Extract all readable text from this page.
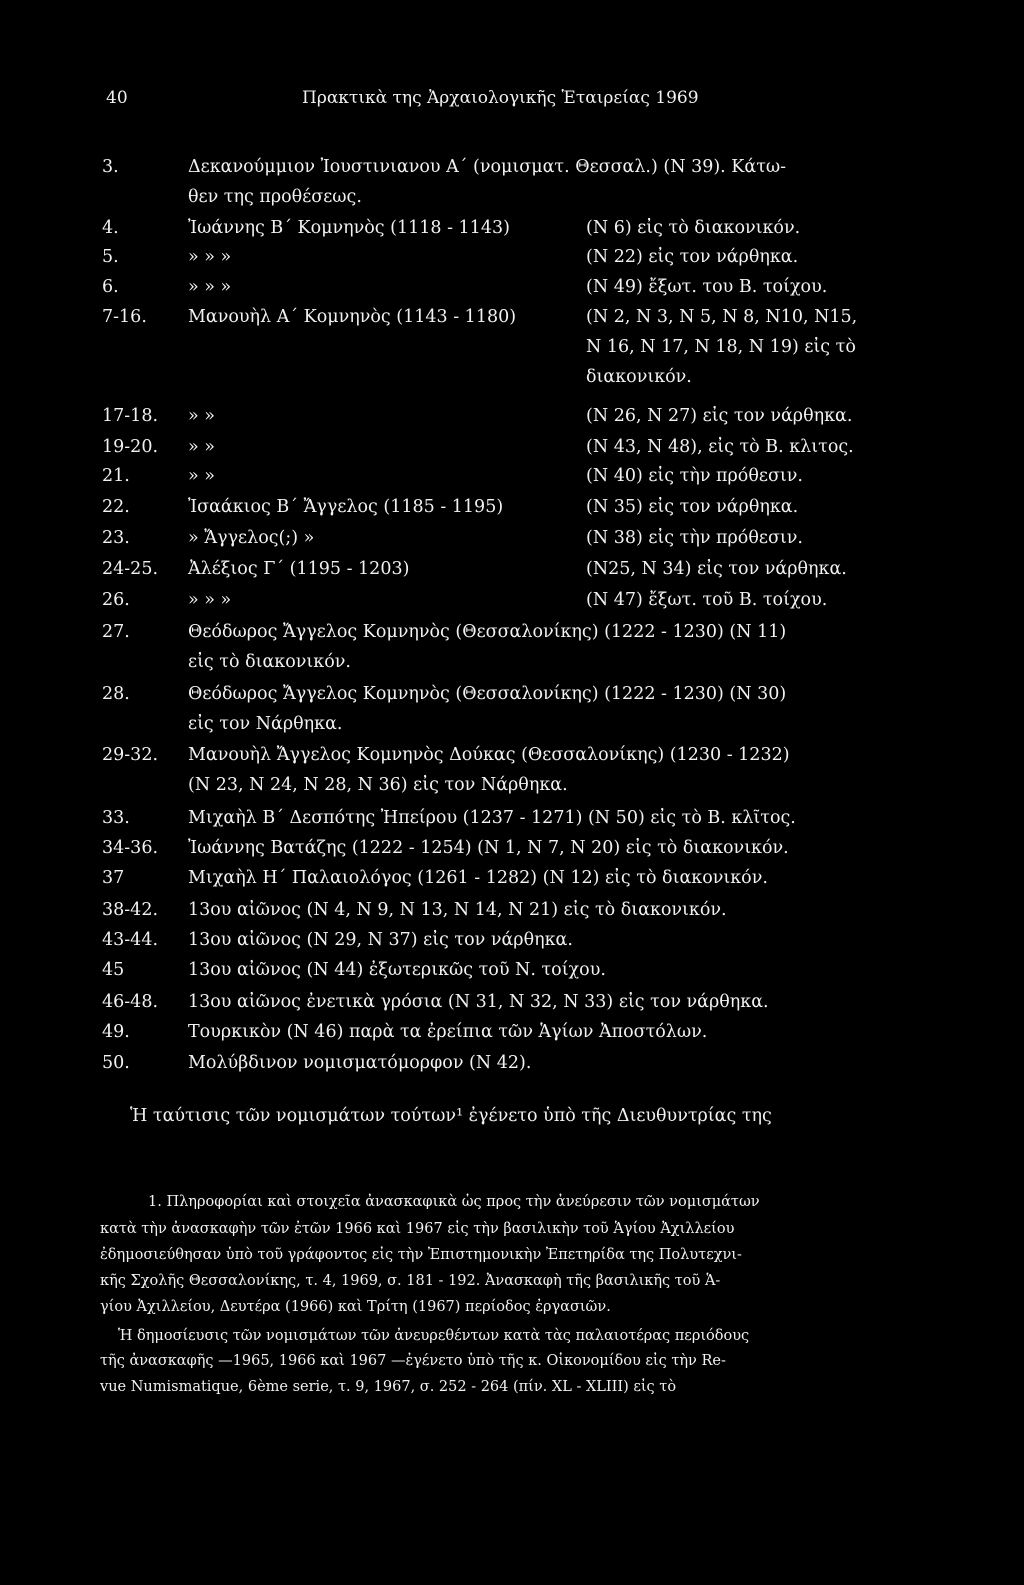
40	Πρακτικὰ της Ἀρχαιολογικῆς Ἑταιρείας 1969
3.	Δεκανούμμιον Ἰουστινιανου Α΄ (νομισματ. Θεσσαλ.) (Ν 39). Κάτω-
θεν της προθέσεως.
4.	Ἰωάννης Β΄ Κομνηνὸς (1118 - 1143)	(Ν 6) εἰς τὸ διακονικόν.
5.	» » »	(Ν 22) εἰς τον νάρθηκα.
6.	» » »	(Ν 49) ἔξωτ. του Β. τοίχου.
7-16. Μανουὴλ Α΄ Κομνηνὸς (1143 - 1180)	(Ν 2, Ν 3, Ν 5, Ν 8, Ν10, Ν15,
Ν 16, Ν 17, Ν 18, Ν 19) εἰς τὸ
διακονικόν.
17-18. » »	(Ν 26, Ν 27) εἰς τον νάρθηκα.
19-20. » »	(Ν 43, Ν 48), εἰς τὸ Β. κλιτος.
21.	» »	(Ν 40) εἰς τὴν πρόθεσιν.
22.	Ἰσαάκιος Β΄ Ἄγγελος (1185 - 1195)	(Ν 35) εἰς τον νάρθηκα.
23.	» Ἄγγελος(;) »	(Ν 38) εἰς τὴν πρόθεσιν.
24-25. Ἀλέξιος Γ΄ (1195 - 1203)	(Ν25, Ν 34) εἰς τον νάρθηκα.
26.	» » »	(Ν 47) ἔξωτ. τοῦ Β. τοίχου.
27.	Θεόδωρος Ἄγγελος Κομνηνὸς (Θεσσαλονίκης) (1222 - 1230) (Ν 11)
εἰς τὸ διακονικόν.
28.	Θεόδωρος Ἄγγελος Κομνηνὸς (Θεσσαλονίκης) (1222 - 1230) (Ν 30)
εἰς τον Νάρθηκα.
29-32. Μανουὴλ Ἄγγελος Κομνηνὸς Δούκας (Θεσσαλονίκης) (1230 - 1232)
(Ν 23, Ν 24, Ν 28, Ν 36) εἰς τον Νάρθηκα.
33.	Μιχαὴλ Β΄ Δεσπότης Ἠπείρου (1237 - 1271) (Ν 50) εἰς τὸ Β. κλῖτος.
34-36. Ἰωάννης Βατάζης (1222 - 1254) (Ν 1, Ν 7, Ν 20) εἰς τὸ διακονικόν.
37	Μιχαὴλ Η΄ Παλαιολόγος (1261 - 1282) (Ν 12) εἰς τὸ διακονικόν.
38-42. 13ου αἰῶνος (Ν 4, Ν 9, Ν 13, Ν 14, Ν 21) εἰς τὸ διακονικόν.
43-44. 13ου αἰῶνος (Ν 29, Ν 37) εἰς τον νάρθηκα.
45	13ου αἰῶνος (Ν 44) ἐξωτερικῶς τοῦ Ν. τοίχου.
46-48. 13ου αἰῶνος ἐνετικὰ γρόσια (Ν 31, Ν 32, Ν 33) εἰς τον νάρθηκα.
49.	Τουρκικὸν (Ν 46) παρὰ τα ἐρείπια τῶν Ἁγίων Ἀποστόλων.
50.	Μολύβδινον νομισματόμορφον (Ν 42).
Ἡ ταύτισις τῶν νομισμάτων τούτων¹ ἐγένετο ὑπὸ τῆς Διευθυντρίας της
1. Πληροφορίαι καὶ στοιχεῖα ἀνασκαφικὰ ὡς προς τὴν ἀνεύρεσιν τῶν νομισμάτων
κατὰ τὴν ἀνασκαφὴν τῶν ἐτῶν 1966 καὶ 1967 εἰς τὴν βασιλικὴν τοῦ Ἁγίου Ἀχιλλείου
ἐδημοσιεύθησαν ὑπὸ τοῦ γράφοντος εἰς τὴν Ἐπιστημονικὴν Ἐπετηρίδα της Πολυτεχνι-
κῆς Σχολῆς Θεσσαλονίκης, τ. 4, 1969, σ. 181 - 192. Ἀνασκαφὴ τῆς βασιλικῆς τοῦ Ἁ-
γίου Ἀχιλλείου, Δευτέρα (1966) καὶ Τρίτη (1967) περίοδος ἐργασιῶν.
Ἡ δημοσίευσις τῶν νομισμάτων τῶν ἀνευρεθέντων κατὰ τὰς παλαιοτέρας περιόδους
τῆς ἀνασκαφῆς —1965, 1966 καὶ 1967 —ἐγένετο ὑπὸ τῆς κ. Οἰκονομίδου εἰς τὴν Re-
vue Numismatique, 6ème serie, τ. 9, 1967, σ. 252 - 264 (πίν. XL - XLIII) εἰς τὸ
